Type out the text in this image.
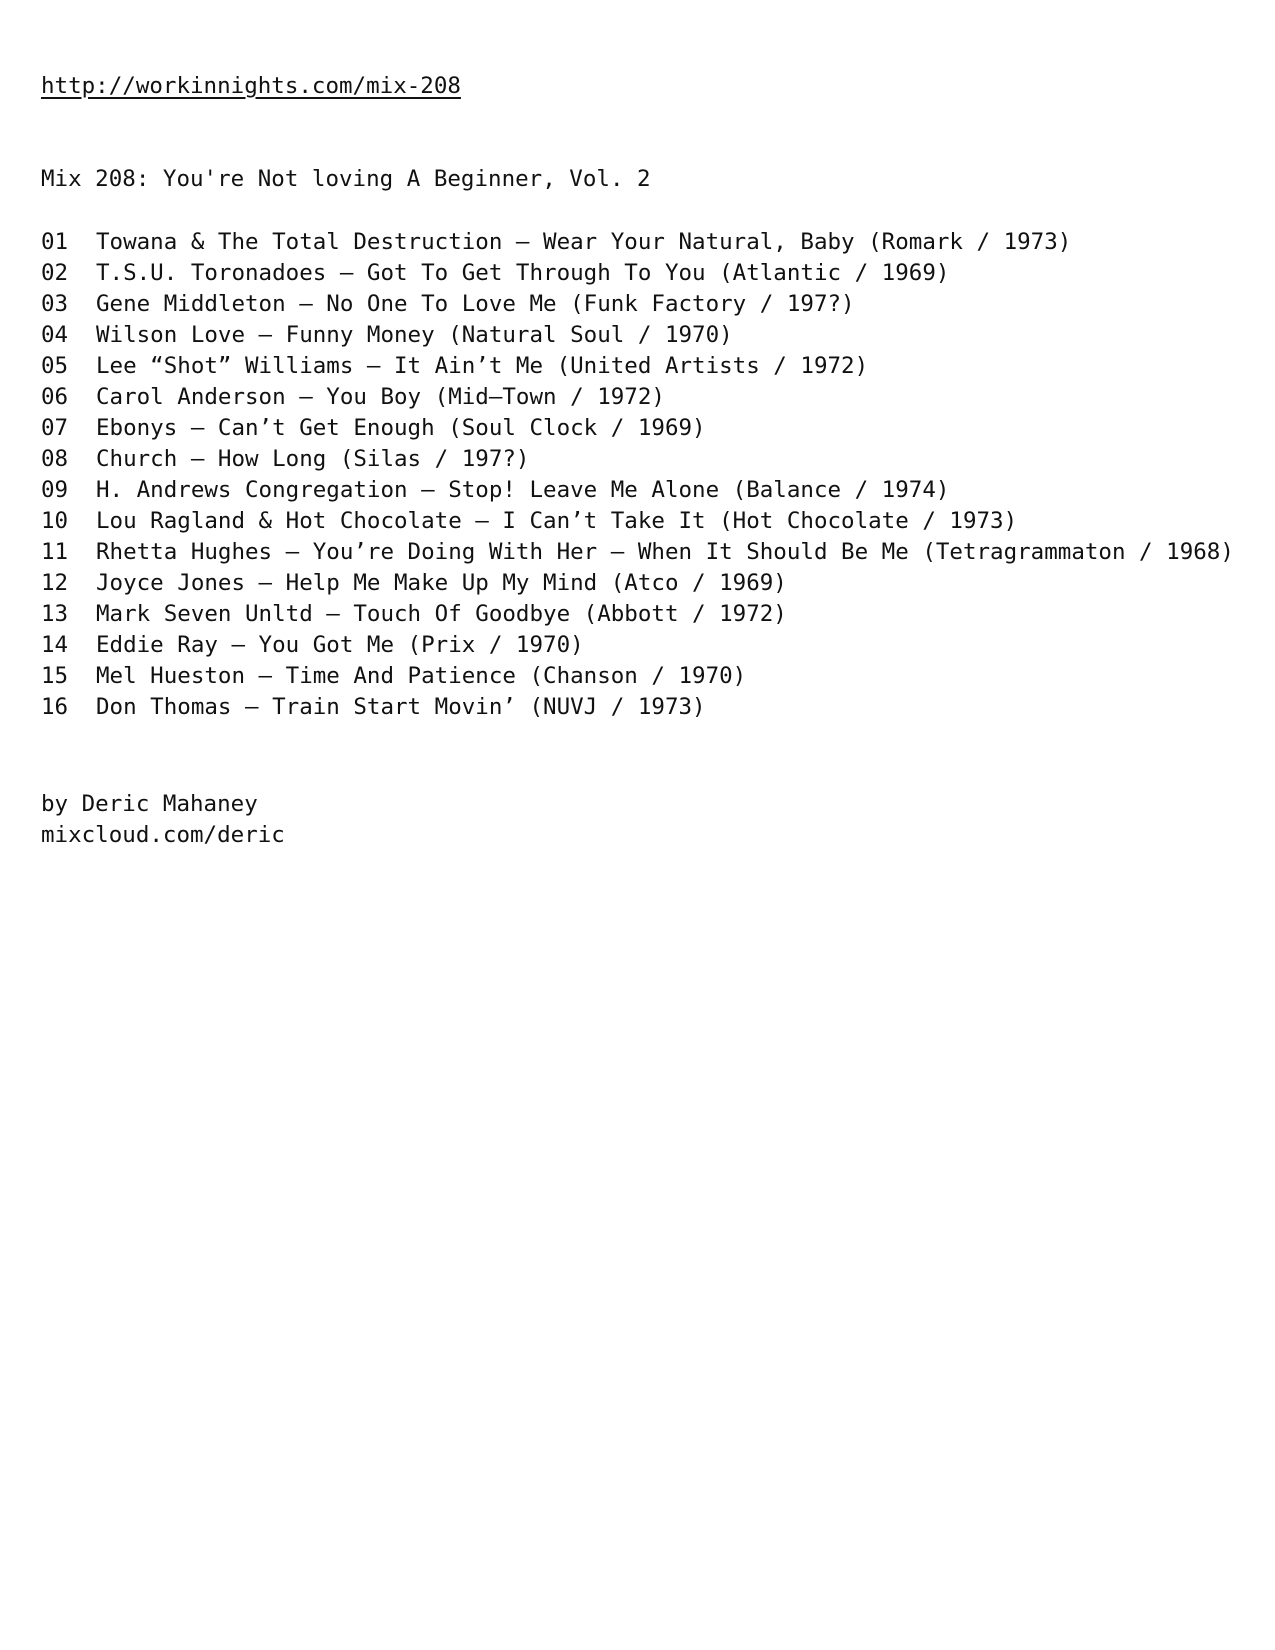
http://workinnights.com/mix-208
Mix 208: You're Not loving A Beginner, Vol. 2
01 Towana & The Total Destruction – Wear Your Natural, Baby (Romark / 1973)
02 T.S.U. Toronadoes – Got To Get Through To You (Atlantic / 1969)
03 Gene Middleton – No One To Love Me (Funk Factory / 197?)
04 Wilson Love – Funny Money (Natural Soul / 1970)
05 Lee “Shot” Williams – It Ain’t Me (United Artists / 1972)
06 Carol Anderson – You Boy (Mid–Town / 1972)
07 Ebonys – Can’t Get Enough (Soul Clock / 1969)
08 Church – How Long (Silas / 197?)
09 H. Andrews Congregation – Stop! Leave Me Alone (Balance / 1974)
10 Lou Ragland & Hot Chocolate – I Can’t Take It (Hot Chocolate / 1973)
11 Rhetta Hughes – You’re Doing With Her – When It Should Be Me (Tetragrammaton / 1968)
12 Joyce Jones – Help Me Make Up My Mind (Atco / 1969)
13 Mark Seven Unltd – Touch Of Goodbye (Abbott / 1972)
14 Eddie Ray – You Got Me (Prix / 1970)
15 Mel Hueston – Time And Patience (Chanson / 1970)
16 Don Thomas – Train Start Movin’ (NUVJ / 1973)
by Deric Mahaney
mixcloud.com/deric
